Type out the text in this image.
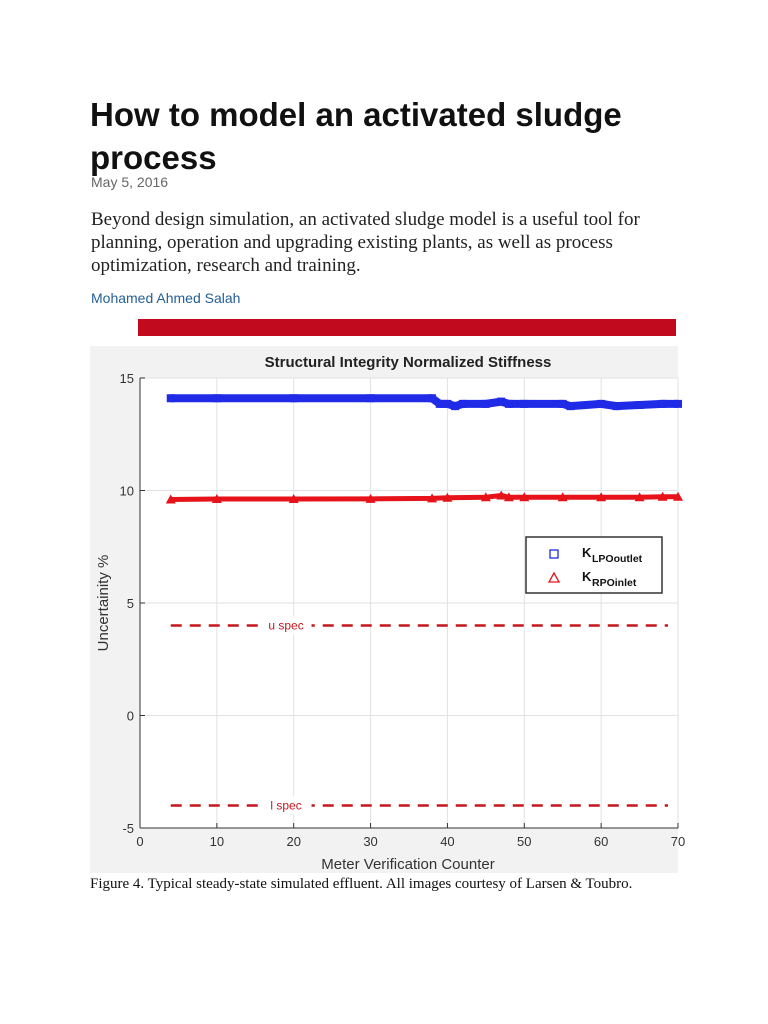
How to model an activated sludge process
May 5, 2016

Beyond design simulation, an activated sludge model is a useful tool for planning, operation and upgrading existing plants, as well as process optimization, research and training.

Mohamed Ahmed Salah
u spec
l spec
15
10
5
0
-5
0	10	20	30	40	50	60	70
K LPOoutlet
K RPOinlet
Structural Integrity Normalized Stiffness
Meter Verification Counter
Uncertainity %

Figure 4. Typical steady-state simulated effluent. All images courtesy of Larsen & Toubro.
